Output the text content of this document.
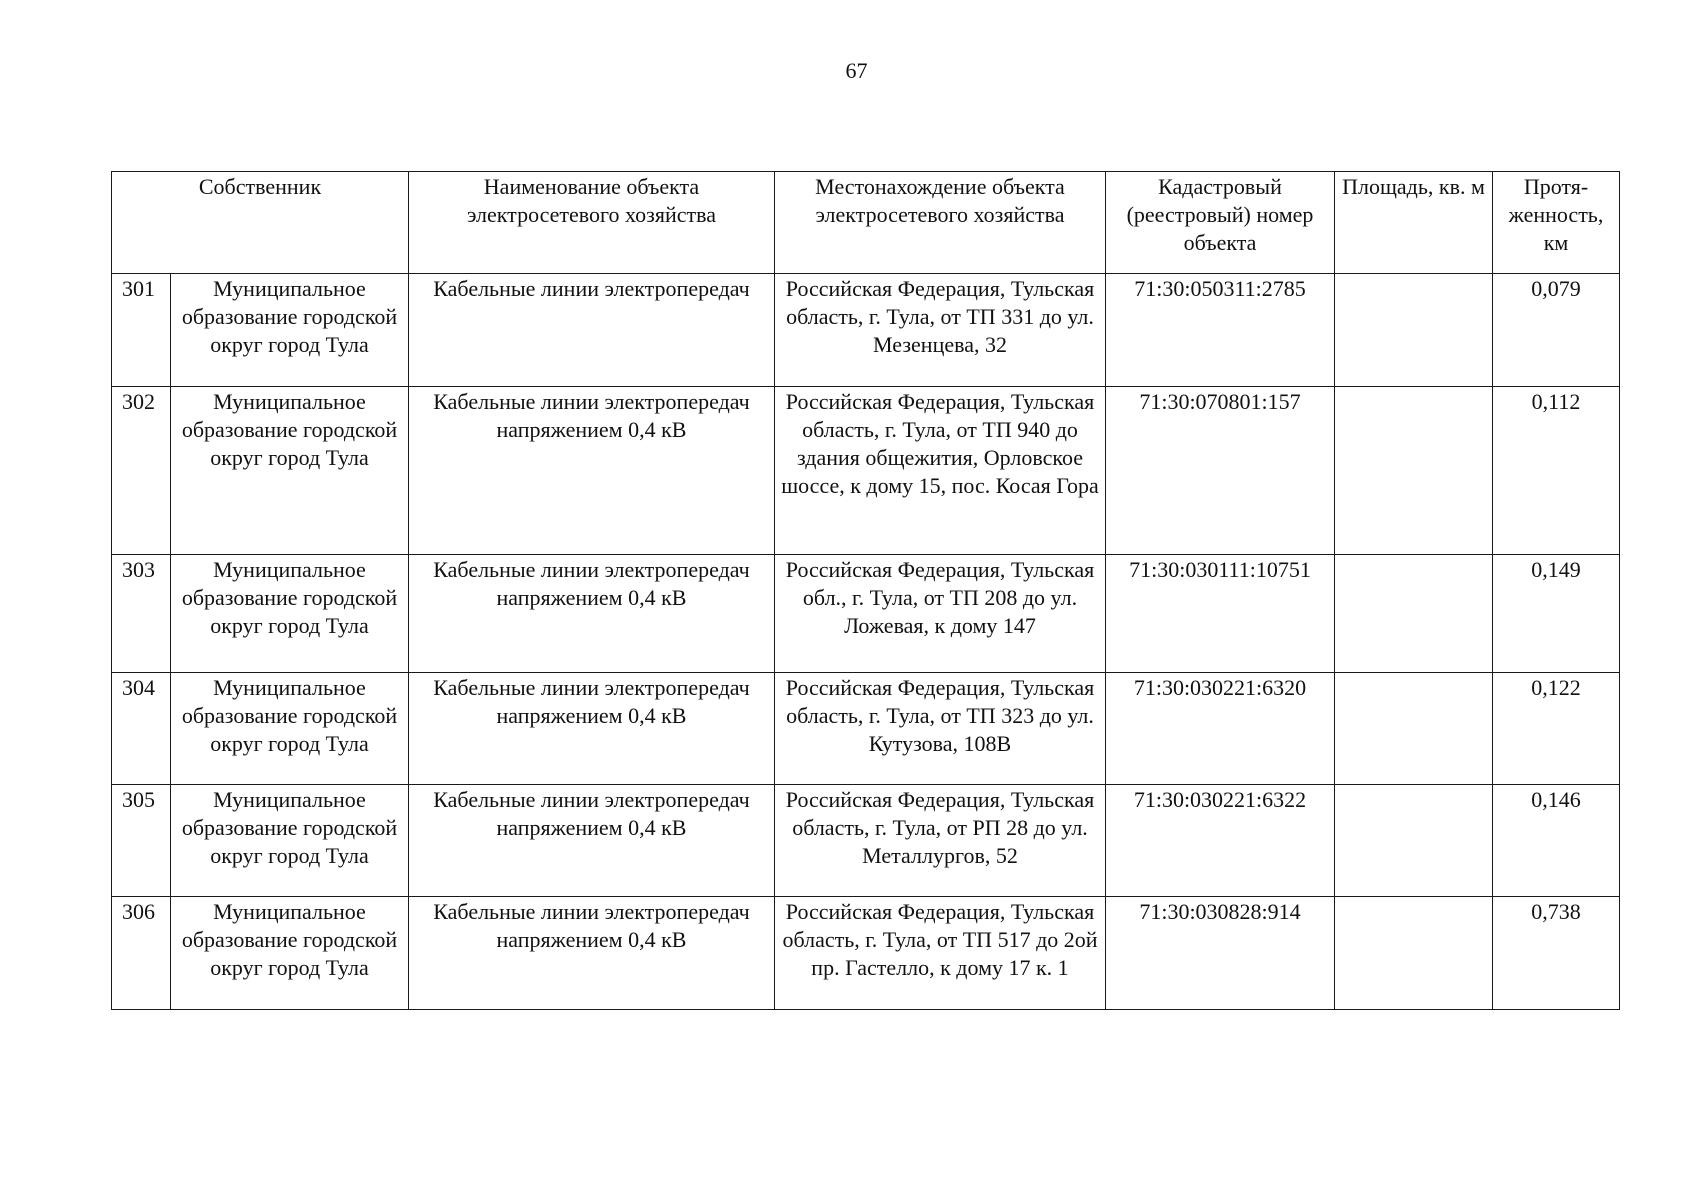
67
Собственник		Наименование объекта электросетевого хозяйства	Местонахождение объекта электросетевого хозяйства	Кадастровый (реестровый) номер объекта	Площадь, кв. м	Протя-женность, км
301	Муниципальное образование городской округ город Тула	Кабельные линии электропередач	Российская Федерация, Тульская область, г. Тула, от ТП 331 до ул. Мезенцева, 32	71:30:050311:2785		0,079
302	Муниципальное образование городской округ город Тула	Кабельные линии электропередач напряжением 0,4 кВ	Российская Федерация, Тульская область, г. Тула, от ТП 940 до здания общежития, Орловское шоссе, к дому 15, пос. Косая Гора	71:30:070801:157		0,112
303	Муниципальное образование городской округ город Тула	Кабельные линии электропередач напряжением 0,4 кВ	Российская Федерация, Тульская обл., г. Тула, от ТП 208 до ул. Ложевая, к дому 147	71:30:030111:10751		0,149
304	Муниципальное образование городской округ город Тула	Кабельные линии электропередач напряжением 0,4 кВ	Российская Федерация, Тульская область, г. Тула, от ТП 323 до ул. Кутузова, 108В	71:30:030221:6320		0,122
305	Муниципальное образование городской округ город Тула	Кабельные линии электропередач напряжением 0,4 кВ	Российская Федерация, Тульская область, г. Тула, от РП 28 до ул. Металлургов, 52	71:30:030221:6322		0,146
306	Муниципальное образование городской округ город Тула	Кабельные линии электропередач напряжением 0,4 кВ	Российская Федерация, Тульская область, г. Тула, от ТП 517 до 2ой пр. Гастелло, к дому 17 к. 1	71:30:030828:914		0,738
